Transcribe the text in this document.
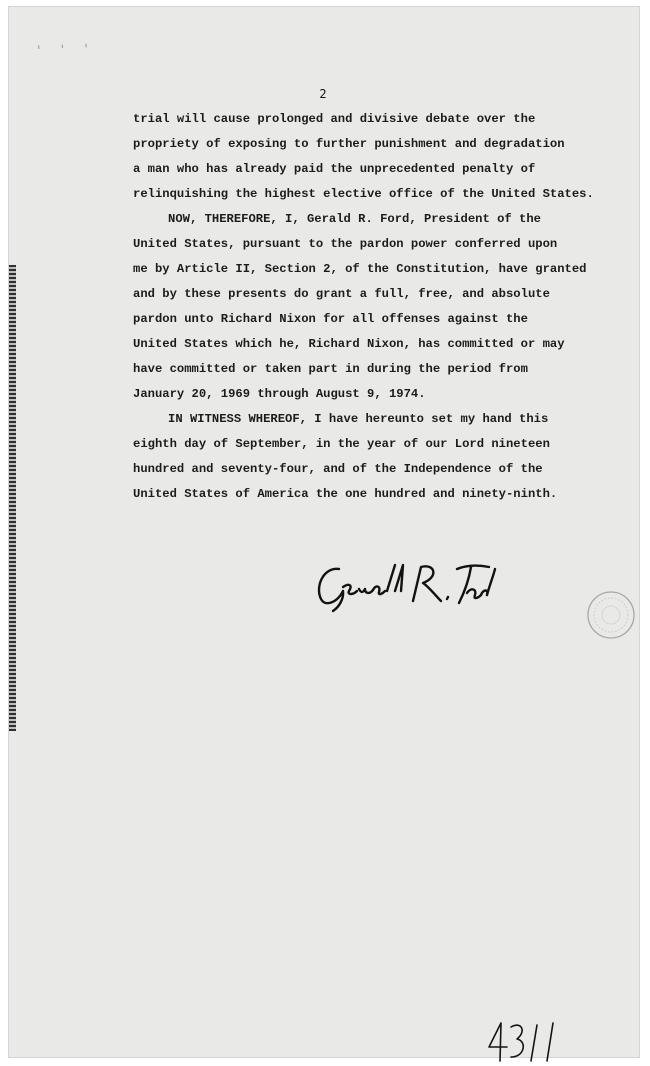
' ' '
2
trial will cause prolonged and divisive debate over the
propriety of exposing to further punishment and degradation
a man who has already paid the unprecedented penalty of
relinquishing the highest elective office of the United States.
NOW, THEREFORE, I, Gerald R. Ford, President of the
United States, pursuant to the pardon power conferred upon
me by Article II, Section 2, of the Constitution, have granted
and by these presents do grant a full, free, and absolute
pardon unto Richard Nixon for all offenses against the
United States which he, Richard Nixon, has committed or may
have committed or taken part in during the period from
January 20, 1969 through August 9, 1974.
IN WITNESS WHEREOF, I have hereunto set my hand this
eighth day of September, in the year of our Lord nineteen
hundred and seventy-four, and of the Independence of the
United States of America the one hundred and ninety-ninth.
